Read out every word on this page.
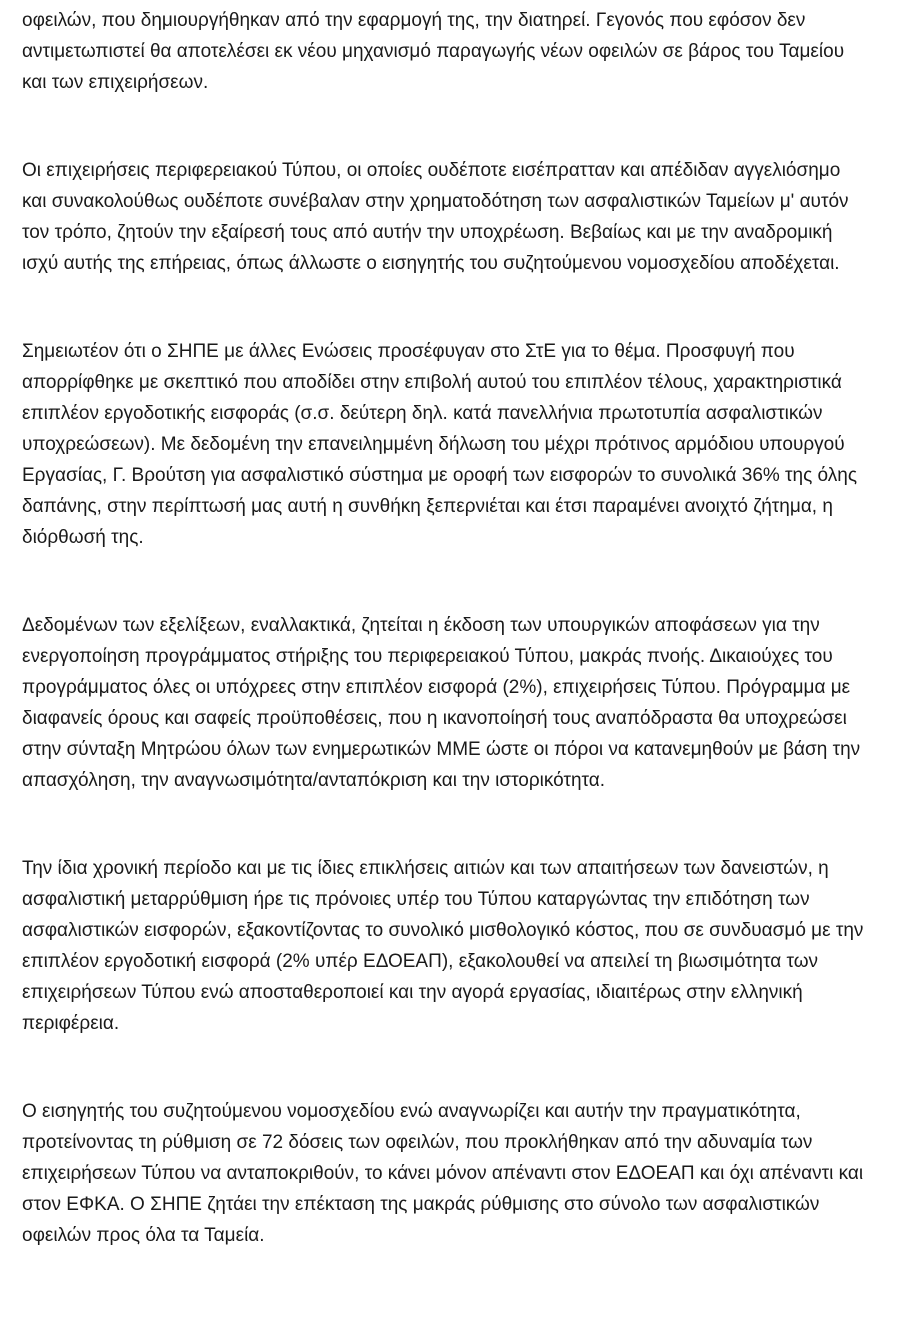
οφειλών, που δημιουργήθηκαν από την εφαρμογή της, την διατηρεί. Γεγονός που εφόσον δεν αντιμετωπιστεί θα αποτελέσει εκ νέου μηχανισμό παραγωγής νέων οφειλών σε βάρος του Ταμείου και των επιχειρήσεων.

Οι επιχειρήσεις περιφερειακού Τύπου, οι οποίες ουδέποτε εισέπρατταν και απέδιδαν αγγελιόσημο και συνακολούθως ουδέποτε συνέβαλαν στην χρηματοδότηση των ασφαλιστικών Ταμείων μ' αυτόν τον τρόπο, ζητούν την εξαίρεσή τους από αυτήν την υποχρέωση. Βεβαίως και με την αναδρομική ισχύ αυτής της επήρειας, όπως άλλωστε ο εισηγητής του συζητούμενου νομοσχεδίου αποδέχεται.

Σημειωτέον ότι ο ΣΗΠΕ με άλλες Ενώσεις προσέφυγαν στο ΣτΕ για το θέμα. Προσφυγή που απορρίφθηκε με σκεπτικό που αποδίδει στην επιβολή αυτού του επιπλέον τέλους, χαρακτηριστικά επιπλέον εργοδοτικής εισφοράς (σ.σ. δεύτερη δηλ. κατά πανελλήνια πρωτοτυπία ασφαλιστικών υποχρεώσεων). Με δεδομένη την επανειλημμένη δήλωση του μέχρι πρότινος αρμόδιου υπουργού Εργασίας, Γ. Βρούτση για ασφαλιστικό σύστημα με οροφή των εισφορών το συνολικά 36% της όλης δαπάνης, στην περίπτωσή μας αυτή η συνθήκη ξεπερνιέται και έτσι παραμένει ανοιχτό ζήτημα, η διόρθωσή της.

Δεδομένων των εξελίξεων, εναλλακτικά, ζητείται η έκδοση των υπουργικών αποφάσεων για την ενεργοποίηση προγράμματος στήριξης του περιφερειακού Τύπου, μακράς πνοής. Δικαιούχες του προγράμματος όλες οι υπόχρεες στην επιπλέον εισφορά (2%), επιχειρήσεις Τύπου. Πρόγραμμα με διαφανείς όρους και σαφείς προϋποθέσεις, που η ικανοποίησή τους αναπόδραστα θα υποχρεώσει στην σύνταξη Μητρώου όλων των ενημερωτικών ΜΜΕ ώστε οι πόροι να κατανεμηθούν με βάση την απασχόληση, την αναγνωσιμότητα/ανταπόκριση και την ιστορικότητα.

Την ίδια χρονική περίοδο και με τις ίδιες επικλήσεις αιτιών και των απαιτήσεων των δανειστών, η ασφαλιστική μεταρρύθμιση ήρε τις πρόνοιες υπέρ του Τύπου καταργώντας την επιδότηση των ασφαλιστικών εισφορών, εξακοντίζοντας το συνολικό μισθολογικό κόστος, που σε συνδυασμό με την επιπλέον εργοδοτική εισφορά (2% υπέρ ΕΔΟΕΑΠ), εξακολουθεί να απειλεί τη βιωσιμότητα των επιχειρήσεων Τύπου ενώ αποσταθεροποιεί και την αγορά εργασίας, ιδιαιτέρως στην ελληνική περιφέρεια.

Ο εισηγητής του συζητούμενου νομοσχεδίου ενώ αναγνωρίζει και αυτήν την πραγματικότητα, προτείνοντας τη ρύθμιση σε 72 δόσεις των οφειλών, που προκλήθηκαν από την αδυναμία των επιχειρήσεων Τύπου να ανταποκριθούν, το κάνει μόνον απέναντι στον ΕΔΟΕΑΠ και όχι απέναντι και στον ΕΦΚΑ. Ο ΣΗΠΕ ζητάει την επέκταση της μακράς ρύθμισης στο σύνολο των ασφαλιστικών οφειλών προς όλα τα Ταμεία.
